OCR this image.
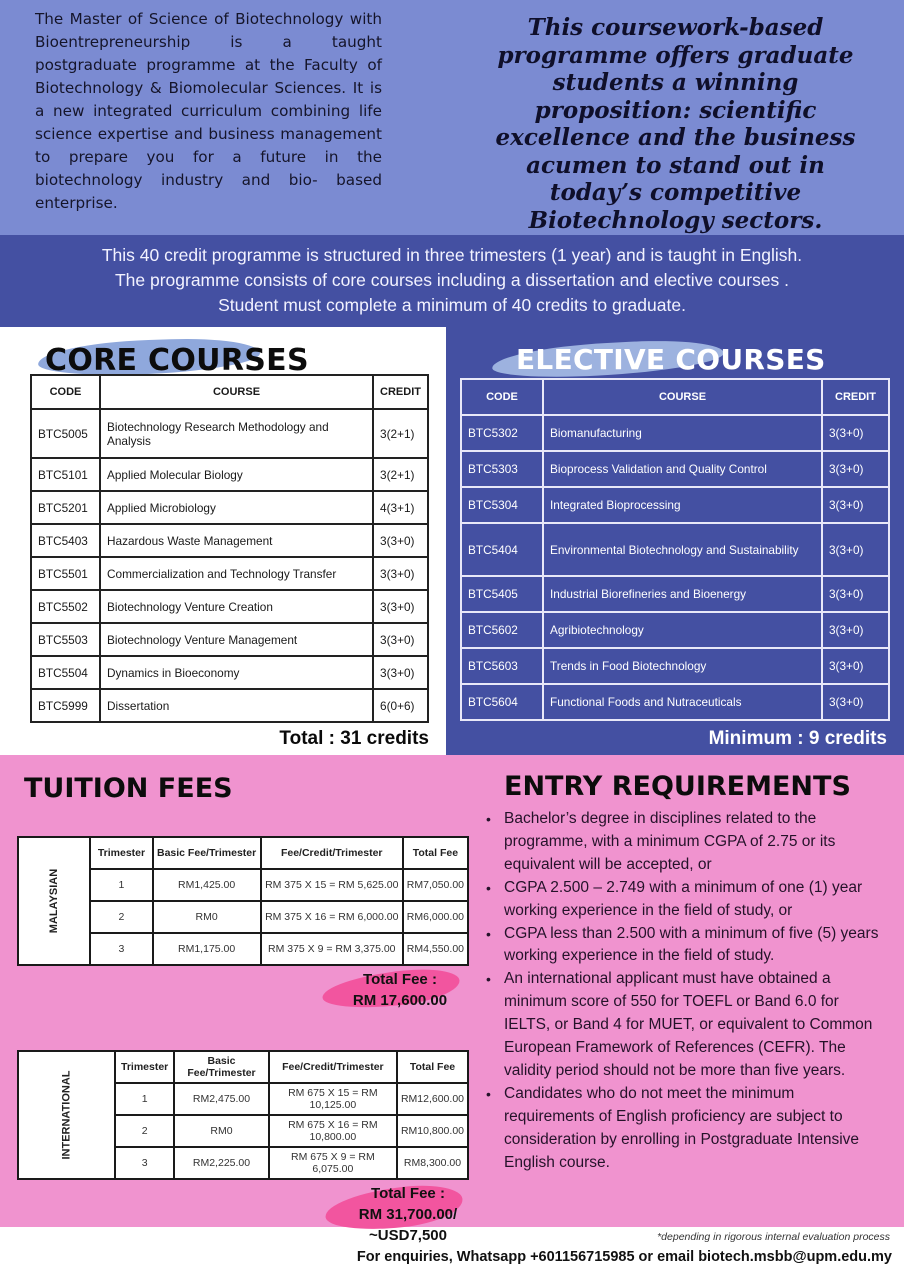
The Master of Science of Biotechnology with Bioentrepreneurship is a taught postgraduate programme at the Faculty of Biotechnology & Biomolecular Sciences. It is a new integrated curriculum combining life science expertise and business management to prepare you for a future in the biotechnology industry and bio- based enterprise.

This coursework-based programme offers graduate students a winning proposition: scientific excellence and the business acumen to stand out in today’s competitive Biotechnology sectors.

This 40 credit programme is structured in three trimesters (1 year) and is taught in English.
The programme consists of core courses including a dissertation and elective courses .
Student must complete a minimum of 40 credits to graduate.
CORE COURSES
CODE	COURSE	CREDIT
BTC5005	Biotechnology Research Methodology and Analysis	3(2+1)
BTC5101	Applied Molecular Biology	3(2+1)
BTC5201	Applied Microbiology	4(3+1)
BTC5403	Hazardous Waste Management	3(3+0)
BTC5501	Commercialization and Technology Transfer	3(3+0)
BTC5502	Biotechnology Venture Creation	3(3+0)
BTC5503	Biotechnology Venture Management	3(3+0)
BTC5504	Dynamics in Bioeconomy	3(3+0)
BTC5999	Dissertation	6(0+6)
Total : 31 credits
ELECTIVE COURSES
CODE	COURSE	CREDIT
BTC5302	Biomanufacturing	3(3+0)
BTC5303	Bioprocess Validation and Quality Control	3(3+0)
BTC5304	Integrated Bioprocessing	3(3+0)
BTC5404	Environmental Biotechnology and Sustainability	3(3+0)
BTC5405	Industrial Biorefineries and Bioenergy	3(3+0)
BTC5602	Agribiotechnology	3(3+0)
BTC5603	Trends in Food Biotechnology	3(3+0)
BTC5604	Functional Foods and Nutraceuticals	3(3+0)
Minimum : 9 credits
TUITION FEES
MALAYSIAN	Trimester	Basic Fee/Trimester	Fee/Credit/Trimester	Total Fee
	1	RM1,425.00	RM 375 X 15 = RM 5,625.00	RM7,050.00
	2	RM0	RM 375 X 16 = RM 6,000.00	RM6,000.00
	3	RM1,175.00	RM 375 X 9 = RM 3,375.00	RM4,550.00
Total Fee :
RM 17,600.00
INTERNATIONAL	Trimester	Basic Fee/Trimester	Fee/Credit/Trimester	Total Fee
	1	RM2,475.00	RM 675 X 15 = RM 10,125.00	RM12,600.00
	2	RM0	RM 675 X 16 = RM 10,800.00	RM10,800.00
	3	RM2,225.00	RM 675 X 9 = RM 6,075.00	RM8,300.00
Total Fee :
RM 31,700.00/
~USD7,500
ENTRY REQUIREMENTS
• Bachelor’s degree in disciplines related to the programme, with a minimum CGPA of 2.75 or its equivalent will be accepted, or
• CGPA 2.500 – 2.749 with a minimum of one (1) year working experience in the field of study, or
• CGPA less than 2.500 with a minimum of five (5) years working experience in the field of study.
• An international applicant must have obtained a minimum score of 550 for TOEFL or Band 6.0 for IELTS, or Band 4 for MUET, or equivalent to Common European Framework of References (CEFR). The validity period should not be more than five years.
• Candidates who do not meet the minimum requirements of English proficiency are subject to consideration by enrolling in Postgraduate Intensive English course.
*depending in rigorous internal evaluation process
For enquiries, Whatsapp +601156715985 or email biotech.msbb@upm.edu.my
